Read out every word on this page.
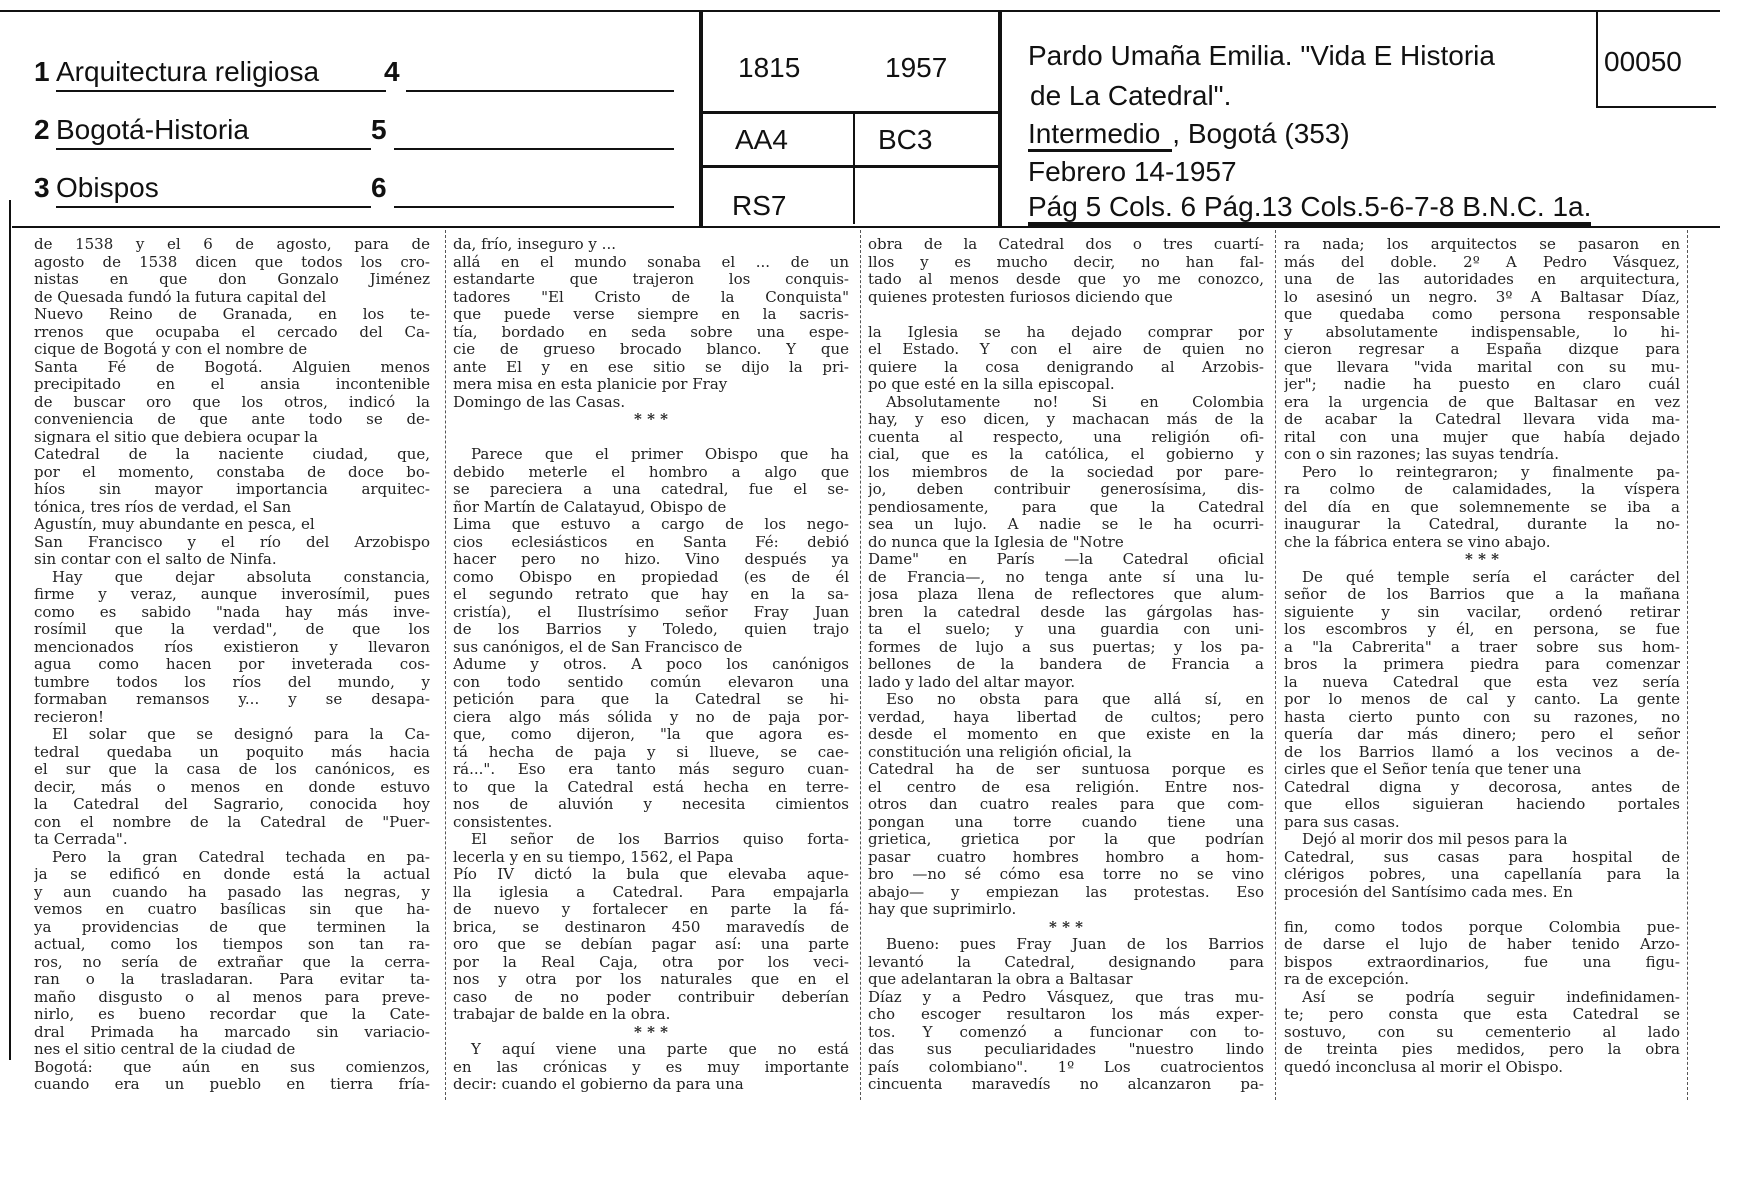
1 Arquitectura religiosa 4
2 Bogotá-Historia	5
3 Obispos	6
1815	1957
AA4	BC3
RS7
Pardo Umaña Emilia. "Vida E Historia
de La Catedral".
Intermedio , Bogotá (353)
Febrero 14-1957
Pág 5 Cols. 6 Pág.13 Cols.5-6-7-8 B.N.C. 1a.
00050
de 1538 y el 6 de agosto, para de
agosto de 1538 dicen que todos los cro-
nistas en que don Gonzalo Jiménez
de Quesada fundó la futura capital del
Nuevo Reino de Granada, en los te-
rrenos que ocupaba el cercado del Ca-
cique de Bogotá y con el nombre de
Santa Fé de Bogotá. Alguien menos
precipitado en el ansia incontenible
de buscar oro que los otros, indicó la
conveniencia de que ante todo se de-
signara el sitio que debiera ocupar la
Catedral de la naciente ciudad, que,
por el momento, constaba de doce bo-
híos sin mayor importancia arquitec-
tónica, tres ríos de verdad, el San
Agustín, muy abundante en pesca, el
San Francisco y el río del Arzobispo
sin contar con el salto de Ninfa.
Hay que dejar absoluta constancia,
firme y veraz, aunque inverosímil, pues
como es sabido "nada hay más inve-
rosímil que la verdad", de que los
mencionados ríos existieron y llevaron
agua como hacen por inveterada cos-
tumbre todos los ríos del mundo, y
formaban remansos y... y se desapa-
recieron!
El solar que se designó para la Ca-
tedral quedaba un poquito más hacia
el sur que la casa de los canónicos, es
decir, más o menos en donde estuvo
la Catedral del Sagrario, conocida hoy
con el nombre de la Catedral de "Puer-
ta Cerrada".
Pero la gran Catedral techada en pa-
ja se edificó en donde está la actual
y aun cuando ha pasado las negras, y
vemos en cuatro basílicas sin que ha-
ya providencias de que terminen la
actual, como los tiempos son tan ra-
ros, no sería de extrañar que la cerra-
ran o la trasladaran. Para evitar ta-
maño disgusto o al menos para preve-
nirlo, es bueno recordar que la Cate-
dral Primada ha marcado sin variacio-
nes el sitio central de la ciudad de
Bogotá: que aún en sus comienzos,
cuando era un pueblo en tierra fría-
da, frío, inseguro y ...
allá en el mundo sonaba el ... de un
estandarte que trajeron los conquis-
tadores "El Cristo de la Conquista"
que puede verse siempre en la sacris-
tía, bordado en seda sobre una espe-
cie de grueso brocado blanco. Y que
ante El y en ese sitio se dijo la pri-
mera misa en esta planicie por Fray
Domingo de las Casas.
* * *
Parece que el primer Obispo que ha
debido meterle el hombro a algo que
se pareciera a una catedral, fue el se-
ñor Martín de Calatayud, Obispo de
Lima que estuvo a cargo de los nego-
cios eclesiásticos en Santa Fé: debió
hacer pero no hizo. Vino después ya
como Obispo en propiedad (es de él
el segundo retrato que hay en la sa-
cristía), el Ilustrísimo señor Fray Juan
de los Barrios y Toledo, quien trajo
sus canónigos, el de San Francisco de
Adume y otros. A poco los canónigos
con todo sentido común elevaron una
petición para que la Catedral se hi-
ciera algo más sólida y no de paja por-
que, como dijeron, "la que agora es-
tá hecha de paja y si llueve, se cae-
rá...". Eso era tanto más seguro cuan-
to que la Catedral está hecha en terre-
nos de aluvión y necesita cimientos
consistentes.
El señor de los Barrios quiso forta-
lecerla y en su tiempo, 1562, el Papa
Pío IV dictó la bula que elevaba aque-
lla iglesia a Catedral. Para empajarla
de nuevo y fortalecer en parte la fá-
brica, se destinaron 450 maravedís de
oro que se debían pagar así: una parte
por la Real Caja, otra por los veci-
nos y otra por los naturales que en el
caso de no poder contribuir deberían
trabajar de balde en la obra.
* * *
Y aquí viene una parte que no está
en las crónicas y es muy importante
decir: cuando el gobierno da para una
obra de la Catedral dos o tres cuartí-
llos y es mucho decir, no han fal-
tado al menos desde que yo me conozco,
quienes protesten furiosos diciendo que
la Iglesia se ha dejado comprar por
el Estado. Y con el aire de quien no
quiere la cosa denigrando al Arzobis-
po que esté en la silla episcopal.
Absolutamente no! Si en Colombia
hay, y eso dicen, y machacan más de la
cuenta al respecto, una religión ofi-
cial, que es la católica, el gobierno y
los miembros de la sociedad por pare-
jo, deben contribuir generosísima, dis-
pendiosamente, para que la Catedral
sea un lujo. A nadie se le ha ocurri-
do nunca que la Iglesia de "Notre
Dame" en París —la Catedral oficial
de Francia—, no tenga ante sí una lu-
josa plaza llena de reflectores que alum-
bren la catedral desde las gárgolas has-
ta el suelo; y una guardia con uni-
formes de lujo a sus puertas; y los pa-
bellones de la bandera de Francia a
lado y lado del altar mayor.
Eso no obsta para que allá sí, en
verdad, haya libertad de cultos; pero
desde el momento en que existe en la
constitución una religión oficial, la
Catedral ha de ser suntuosa porque es
el centro de esa religión. Entre nos-
otros dan cuatro reales para que com-
pongan una torre cuando tiene una
grietica, grietica por la que podrían
pasar cuatro hombres hombro a hom-
bro —no sé cómo esa torre no se vino
abajo— y empiezan las protestas. Eso
hay que suprimirlo.
* * *
Bueno: pues Fray Juan de los Barrios
levantó la Catedral, designando para
que adelantaran la obra a Baltasar
Díaz y a Pedro Vásquez, que tras mu-
cho escoger resultaron los más exper-
tos. Y comenzó a funcionar con to-
das sus peculiaridades "nuestro lindo
país colombiano". 1º Los cuatrocientos
cincuenta maravedís no alcanzaron pa-
ra nada; los arquitectos se pasaron en
más del doble. 2º A Pedro Vásquez,
una de las autoridades en arquitectura,
lo asesinó un negro. 3º A Baltasar Díaz,
que quedaba como persona responsable
y absolutamente indispensable, lo hi-
cieron regresar a España dizque para
que llevara "vida marital con su mu-
jer"; nadie ha puesto en claro cuál
era la urgencia de que Baltasar en vez
de acabar la Catedral llevara vida ma-
rital con una mujer que había dejado
con o sin razones; las suyas tendría.
Pero lo reintegraron; y finalmente pa-
ra colmo de calamidades, la víspera
del día en que solemnemente se iba a
inaugurar la Catedral, durante la no-
che la fábrica entera se vino abajo.
* * *
De qué temple sería el carácter del
señor de los Barrios que a la mañana
siguiente y sin vacilar, ordenó retirar
los escombros y él, en persona, se fue
a "la Cabrerita" a traer sobre sus hom-
bros la primera piedra para comenzar
la nueva Catedral que esta vez sería
por lo menos de cal y canto. La gente
hasta cierto punto con su razones, no
quería dar más dinero; pero el señor
de los Barrios llamó a los vecinos a de-
cirles que el Señor tenía que tener una
Catedral digna y decorosa, antes de
que ellos siguieran haciendo portales
para sus casas.
Dejó al morir dos mil pesos para la
Catedral, sus casas para hospital de
clérigos pobres, una capellanía para la
procesión del Santísimo cada mes. En
fin, como todos porque Colombia pue-
de darse el lujo de haber tenido Arzo-
bispos extraordinarios, fue una figu-
ra de excepción.
Así se podría seguir indefinidamen-
te; pero consta que esta Catedral se
sostuvo, con su cementerio al lado
de treinta pies medidos, pero la obra
quedó inconclusa al morir el Obispo.
